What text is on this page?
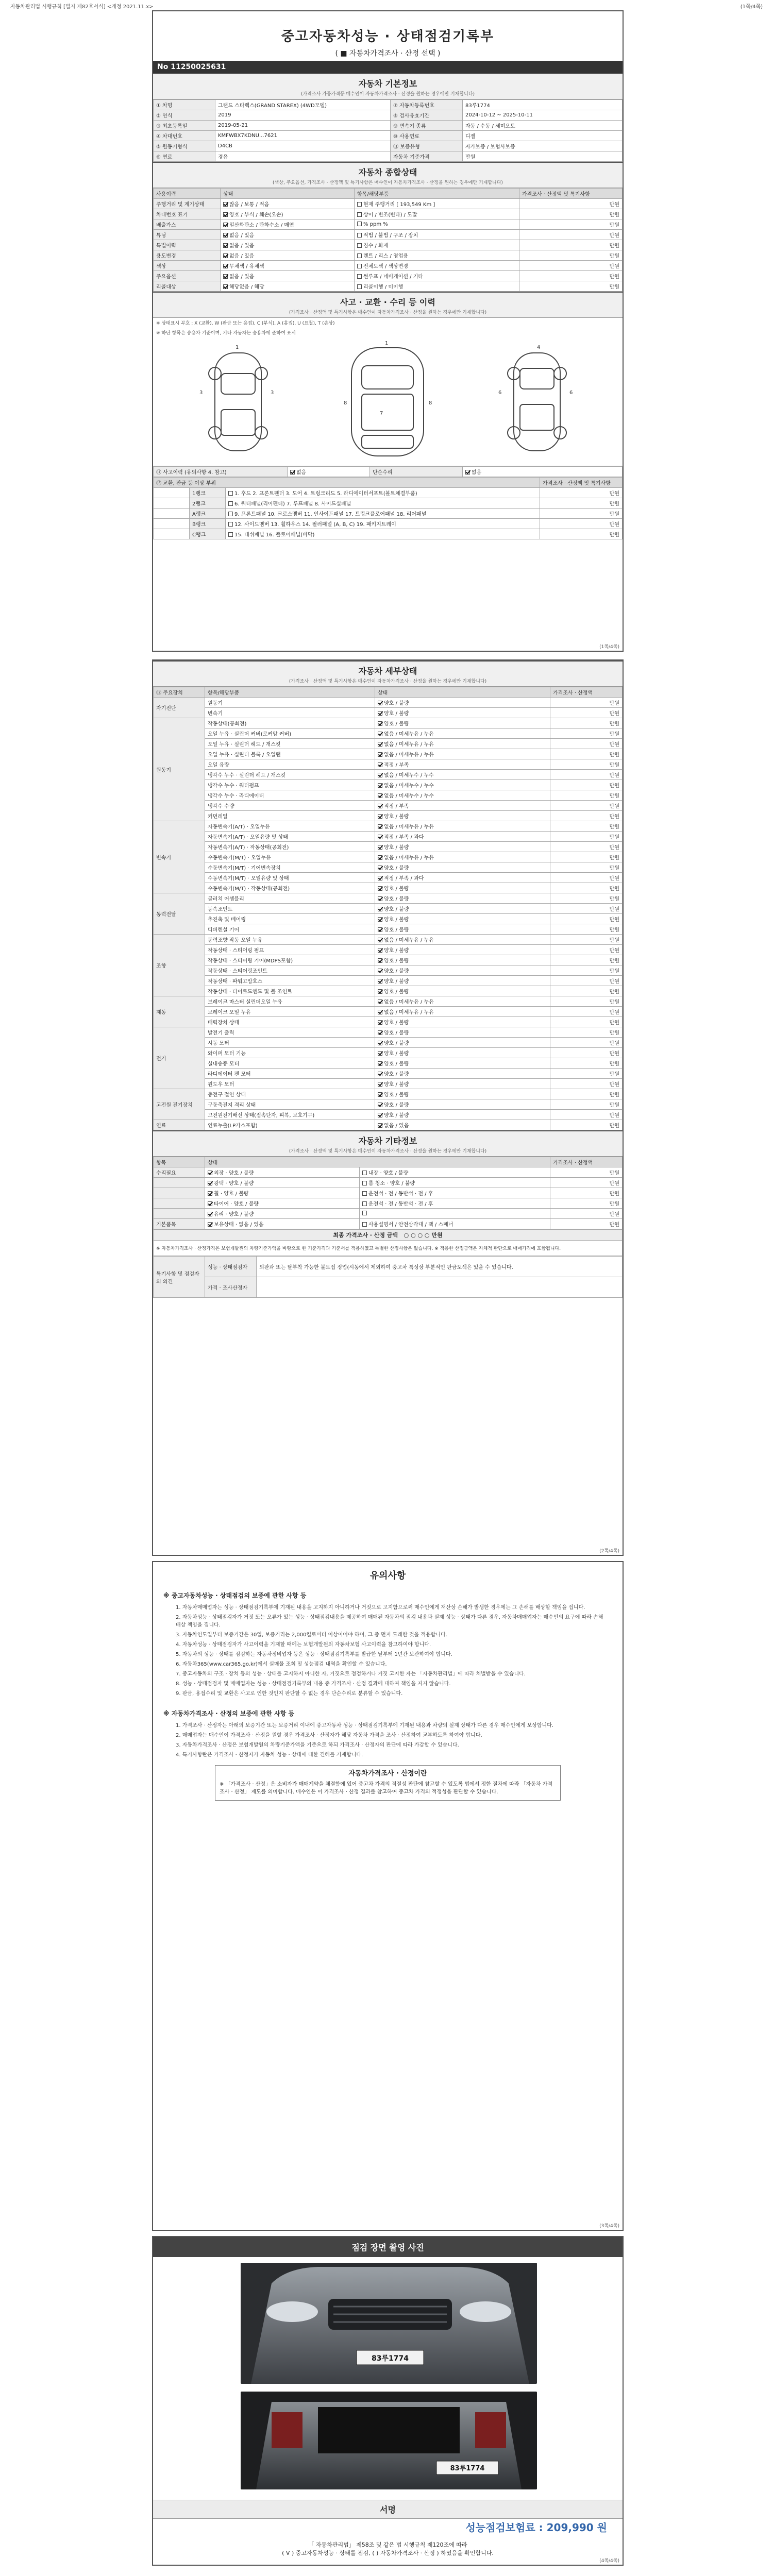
자동차관리법 시행규칙 [별지 제82호서식] <개정 2021.11.x>	(1쪽/4쪽)
중고자동차성능 · 상태점검기록부
( ■ 자동차가격조사 · 산정 선택 )
No 11250025631
자동차 기본정보
(가격조사 가증가격등 매수인이 자동차가격조사 · 산정을 원하는 경우에만 기재합니다)
① 차명	그랜드 스타렉스(GRAND STAREX) (4WD모델)	⑦ 자동차등록번호	83루1774
② 연식	2019	⑧ 검사유효기간	2024-10-12 ~ 2025-10-11
③ 최초등록일	2019-05-21	⑨ 변속기 종류	자동 / 수동 / 세미오토
④ 차대번호	KMFWBX7KDNU...7621	⑩ 사용연료	디젤
⑤ 원동기형식	D4CB	⑪ 보증유형	자가보증 / 보험사보증
⑥ 연료	경유	자동차 기준가격	만원
자동차 종합상태
(색상, 주요옵션, 가격조사 · 산정액 및 특기사항은 매수인이 자동차가격조사 · 산정을 원하는 경우에만 기재합니다)
사용이력	상태	항목/해당부품	가격조사 · 산정액 및 특기사항
주행거리 및 계기상태	많음 / 보통 / 적음	현재 주행거리 [ 193,549 Km ]	만원
차대번호 표기	양호 / 부식 / 훼손(오손)	상이 / 변조(변타) / 도말	만원
배출가스	일산화탄소 / 탄화수소 / 매연	% ppm %	만원
튜닝	없음 / 있음	적법 / 불법 / 구조 / 장치	만원
특별이력	없음 / 있음	침수 / 화재	만원
용도변경	없음 / 있음	렌트 / 리스 / 영업용	만원
색상	무채색 / 유채색	전체도색 / 색상변경	만원
주요옵션	없음 / 있음	썬루프 / 네비게이션 / 기타	만원
리콜대상	해당없음 / 해당	리콜이행 / 미이행	만원
사고 · 교환 · 수리 등 이력
(가격조사 · 산정액 및 특기사항은 매수인이 자동차가격조사 · 산정을 원하는 경우에만 기재합니다)
※ 상태표시 부호 : X (교환), W (판금 또는 용접), C (부식), A (흠집), U (요철), T (손상)
※ 하단 항목은 승용차 기준이며, 기타 자동차는 승용차에 준하여 표시
1
3	3
1
7
8	8
4
6	6
⑭ 사고이력 (유의사항 4. 참고)	없음	단순수리	없음
⑮ 교환, 판금 등 이상 부위			가격조사 · 산정액 및 특기사항
	1랭크	1. 후드 2. 프론트펜더 3. 도어 4. 트렁크리드 5. 라디에이터서포트(볼트체결부품)	만원
	2랭크	6. 쿼터패널(리어펜더) 7. 루프패널 8. 사이드실패널	만원
	A랭크	9. 프론트패널 10. 크로스멤버 11. 인사이드패널 17. 트렁크플로어패널 18. 리어패널	만원
	B랭크	12. 사이드멤버 13. 휠하우스 14. 필러패널 (A, B, C) 19. 패키지트레이	만원
	C랭크	15. 대쉬패널 16. 플로어패널(바닥)	만원
(1쪽/4쪽)
자동차 세부상태
(가격조사 · 산정액 및 특기사항은 매수인이 자동차가격조사 · 산정을 원하는 경우에만 기재합니다)
⑰ 주요장치	항목/해당부품	상태	가격조사 · 산정액
자기진단	원동기	양호 / 불량	만원
	변속기	양호 / 불량	만원
원동기	작동상태(공회전)	양호 / 불량	만원
	오일 누유 · 실린더 커버(로커암 커버)	없음 / 미세누유 / 누유	만원
	오일 누유 · 실린더 헤드 / 개스킷	없음 / 미세누유 / 누유	만원
	오일 누유 · 실린더 블록 / 오일팬	없음 / 미세누유 / 누유	만원
	오일 유량	적정 / 부족	만원
	냉각수 누수 · 실린더 헤드 / 개스킷	없음 / 미세누수 / 누수	만원
	냉각수 누수 · 워터펌프	없음 / 미세누수 / 누수	만원
	냉각수 누수 · 라디에이터	없음 / 미세누수 / 누수	만원
	냉각수 수량	적정 / 부족	만원
	커먼레일	양호 / 불량	만원
변속기	자동변속기(A/T) · 오일누유	없음 / 미세누유 / 누유	만원
	자동변속기(A/T) · 오일유량 및 상태	적정 / 부족 / 과다	만원
	자동변속기(A/T) · 작동상태(공회전)	양호 / 불량	만원
	수동변속기(M/T) · 오일누유	없음 / 미세누유 / 누유	만원
	수동변속기(M/T) · 기어변속장치	양호 / 불량	만원
	수동변속기(M/T) · 오일유량 및 상태	적정 / 부족 / 과다	만원
	수동변속기(M/T) · 작동상태(공회전)	양호 / 불량	만원
동력전달	클러치 어셈블리	양호 / 불량	만원
	등속조인트	양호 / 불량	만원
	추진축 및 베어링	양호 / 불량	만원
	디퍼렌셜 기어	양호 / 불량	만원
조향	동력조향 작동 오일 누유	없음 / 미세누유 / 누유	만원
	작동상태 · 스티어링 펌프	양호 / 불량	만원
	작동상태 · 스티어링 기어(MDPS포함)	양호 / 불량	만원
	작동상태 · 스티어링조인트	양호 / 불량	만원
	작동상태 · 파워고압호스	양호 / 불량	만원
	작동상태 · 타이로드엔드 및 볼 조인트	양호 / 불량	만원
제동	브레이크 마스터 실린더오일 누유	없음 / 미세누유 / 누유	만원
	브레이크 오일 누유	없음 / 미세누유 / 누유	만원
	배력장치 상태	양호 / 불량	만원
전기	발전기 출력	양호 / 불량	만원
	시동 모터	양호 / 불량	만원
	와이퍼 모터 기능	양호 / 불량	만원
	실내송풍 모터	양호 / 불량	만원
	라디에이터 팬 모터	양호 / 불량	만원
	윈도우 모터	양호 / 불량	만원
고전원 전기장치	충전구 절연 상태	양호 / 불량	만원
	구동축전지 격리 상태	양호 / 불량	만원
	고전원전기배선 상태(접속단자, 피복, 보호기구)	양호 / 불량	만원
연료	연료누출(LP가스포함)	없음 / 있음	만원
자동차 기타정보
(가격조사 · 산정액 및 특기사항은 매수인이 자동차가격조사 · 산정을 원하는 경우에만 기재합니다)
항목	상태		가격조사 · 산정액
수리필요	외장 · 양호 / 불량	내장 · 양호 / 불량	만원
	광택 · 양호 / 불량	룸 청소 · 양호 / 불량	만원
	휠 · 양호 / 불량	운전석 · 전 / 동반석 · 전 / 후	만원
	타이어 · 양호 / 불량	운전석 · 전 / 동반석 · 전 / 후	만원
	유리 · 양호 / 불량		만원
기본품목	보유상태 · 없음 / 있음	사용설명서 / 안전삼각대 / 잭 / 스패너	만원
최종 가격조사 · 산정 금액 ○ ○ ○ ○ 만원
※ 자동차가격조사 · 산정가격은 보험개발원의 차량기준가액을 바탕으로 한 기준가격과 기준서를 적용하였고 특별한 산정사항은 없습니다. ※ 적용한 산정금액은 자체적 판단으로 매매가격에 포함됩니다.
특기사항 및 점검자의 의견	성능 · 상태점검자	외판과 또는 탈부착 가능한 볼트접 정업(시동에서 제외하여 중고차 특성상 부분적인 판금도색은 있을 수 있습니다.
	가격 · 조사산정자	
(2쪽/4쪽)
유의사항
※ 중고자동차성능 · 상태점검의 보증에 관한 사항 등
1. 자동차매매업자는 성능 · 상태점검기록부에 기재된 내용을 고지하지 아니하거나 거짓으로 고지함으로써 매수인에게 재산상 손해가 발생한 경우에는 그 손해를 배상할 책임을 집니다.
2. 자동차성능 · 상태점검자가 거짓 또는 오류가 있는 성능 · 상태점검내용을 제공하여 매매된 자동차의 점검 내용과 실제 성능 · 상태가 다른 경우, 자동차매매업자는 매수인의 요구에 따라 손해배상 책임을 집니다.
3. 자동차인도일부터 보증기간은 30일, 보증거리는 2,000킬로미터 이상이어야 하며, 그 중 먼저 도래한 것을 적용합니다.
4. 자동차성능 · 상태점검자가 사고이력을 기재할 때에는 보험개발원의 자동차보험 사고이력을 참고하여야 합니다.
5. 자동차의 성능 · 상태를 점검하는 자동차정비업자 등은 성능 · 상태점검기록부를 발급한 날부터 1년간 보관하여야 합니다.
6. 자동차365(www.car365.go.kr)에서 실매물 조회 및 성능점검 내역을 확인할 수 있습니다.
7. 중고자동차의 구조 · 장치 등의 성능 · 상태를 고지하지 아니한 자, 거짓으로 점검하거나 거짓 고지한 자는 「자동차관리법」에 따라 처벌받을 수 있습니다.
8. 성능 · 상태점검자 및 매매업자는 성능 · 상태점검기록부의 내용 중 가격조사 · 산정 결과에 대하여 책임을 지지 않습니다.
9. 판금, 용접수리 및 교환은 사고로 인한 것인지 판단할 수 없는 경우 단순수리로 분류할 수 있습니다.
※ 자동차가격조사 · 산정의 보증에 관한 사항 등
1. 가격조사 · 산정자는 아래의 보증기간 또는 보증거리 이내에 중고자동차 성능 · 상태점검기록부에 기재된 내용과 차량의 실제 상태가 다른 경우 매수인에게 보상합니다.
2. 매매업자는 매수인이 가격조사 · 산정을 원할 경우 가격조사 · 산정자가 해당 자동차 가격을 조사 · 산정하여 교부하도록 하여야 합니다.
3. 자동차가격조사 · 산정은 보험개발원의 차량기준가액을 기준으로 하되 가격조사 · 산정자의 판단에 따라 가감할 수 있습니다.
4. 특기사항란은 가격조사 · 산정자가 자동차 성능 · 상태에 대한 견해를 기재합니다.
자동차가격조사 · 산정이란
※ 「가격조사 · 산정」은 소비자가 매매계약을 체결함에 있어 중고차 가격의 적절성 판단에 참고할 수 있도록 법에서 정한 절차에 따라 「자동차 가격조사 · 산정」 제도를 의미합니다. 매수인은 이 가격조사 · 산정 결과를 참고하여 중고차 가격의 적정성을 판단할 수 있습니다.
(3쪽/4쪽)
점검 장면 촬영 사진
83루1774
83루1774
서명
성능점검보험료 : 209,990 원
「 자동차관리법」 제58조 및 같은 법 시행규칙 제120조에 따라
( V ) 중고자동차성능 · 상태를 점검, ( ) 자동차가격조사 · 산정 ) 하였음을 확인합니다.
(4쪽/4쪽)
